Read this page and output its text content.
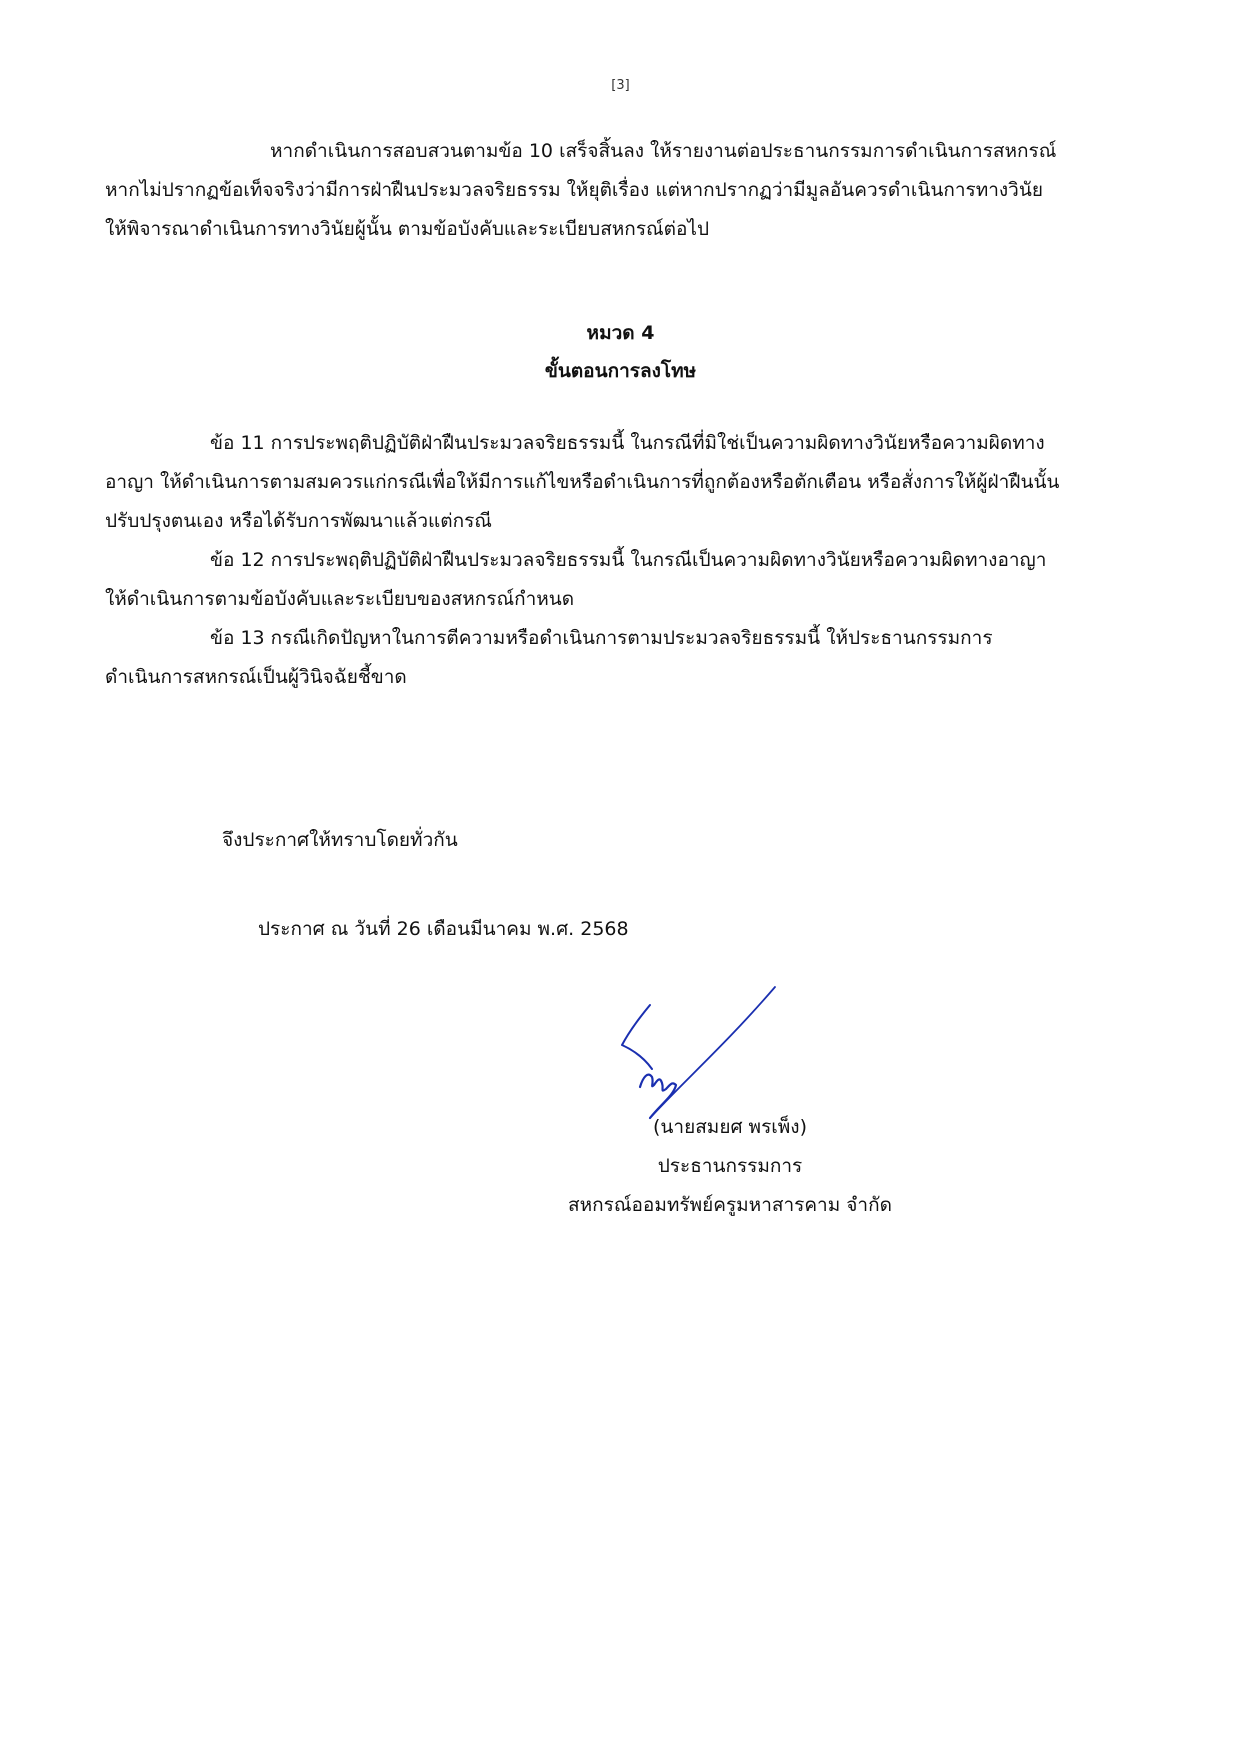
[3]
หากดำเนินการสอบสวนตามข้อ 10 เสร็จสิ้นลง ให้รายงานต่อประธานกรรมการดำเนินการสหกรณ์
หากไม่ปรากฏข้อเท็จจริงว่ามีการฝ่าฝืนประมวลจริยธรรม ให้ยุติเรื่อง แต่หากปรากฏว่ามีมูลอันควรดำเนินการทางวินัย
ให้พิจารณาดำเนินการทางวินัยผู้นั้น ตามข้อบังคับและระเบียบสหกรณ์ต่อไป
หมวด 4
ขั้นตอนการลงโทษ
ข้อ 11 การประพฤติปฏิบัติฝ่าฝืนประมวลจริยธรรมนี้ ในกรณีที่มิใช่เป็นความผิดทางวินัยหรือความผิดทาง
อาญา ให้ดำเนินการตามสมควรแก่กรณีเพื่อให้มีการแก้ไขหรือดำเนินการที่ถูกต้องหรือตักเตือน หรือสั่งการให้ผู้ฝ่าฝืนนั้น
ปรับปรุงตนเอง หรือได้รับการพัฒนาแล้วแต่กรณี
ข้อ 12 การประพฤติปฏิบัติฝ่าฝืนประมวลจริยธรรมนี้ ในกรณีเป็นความผิดทางวินัยหรือความผิดทางอาญา
ให้ดำเนินการตามข้อบังคับและระเบียบของสหกรณ์กำหนด
ข้อ 13 กรณีเกิดปัญหาในการตีความหรือดำเนินการตามประมวลจริยธรรมนี้ ให้ประธานกรรมการ
ดำเนินการสหกรณ์เป็นผู้วินิจฉัยชี้ขาด
จึงประกาศให้ทราบโดยทั่วกัน
ประกาศ ณ วันที่ 26 เดือนมีนาคม พ.ศ. 2568
(นายสมยศ พรเพ็ง)
ประธานกรรมการ
สหกรณ์ออมทรัพย์ครูมหาสารคาม จำกัด
